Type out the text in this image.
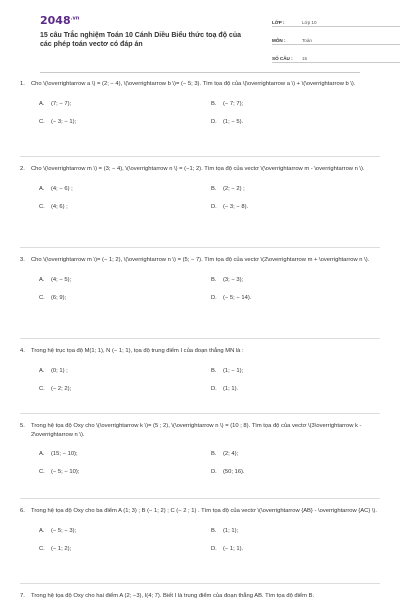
$2048^{.vn}$
15 câu Trắc nghiệm Toán 10 Cánh Diều Biểu thức toạ độ của các phép toán vectơ có đáp án
LỚP :	Lớp 10
MÔN :	Toán
SỐ CÂU :	15
1. Cho \(\overrightarrow a \) = (2; − 4), \(\overrightarrow b \)= (− 5; 3). Tìm tọa độ của \(\overrightarrow a \) + \(\overrightarrow b \).
A. (7; − 7);	B. (− 7; 7);
C. (− 3; − 1);	D. (1; − 5).
2. Cho \(\overrightarrow m \) = (3; − 4), \(\overrightarrow n \) = (−1; 2). Tìm tọa độ của vectơ \(\overrightarrow m - \overrightarrow n \).
A. (4; − 6) ;	B. (2; − 2) ;
C. (4; 6) ;	D. (− 3; − 8).
3. Cho \(\overrightarrow m \)= (− 1; 2), \(\overrightarrow n \) = (5; − 7). Tìm tọa độ của vectơ \(2\overrightarrow m + \overrightarrow n \).
A. (4; − 5);	B. (3; − 3);
C. (6; 9);	D. (− 5; − 14).
4. Trong hệ trục tọa độ M(1; 1), N (− 1; 1), tọa độ trung điểm I của đoạn thẳng MN là :
A. (0; 1) ;	B. (1; − 1);
C. (− 2; 2);	D. (1; 1).
5. Trong hệ tọa độ Oxy cho \(\overrightarrow k \)= (5 ; 2), \(\overrightarrow n \) = (10 ; 8). Tìm tọa độ của vectơ \(3\overrightarrow k - 2\overrightarrow n \).
A. (15; − 10);	B. (2; 4);
C. (− 5; − 10);	D. (50; 16).
6. Trong hệ tọa độ Oxy cho ba điểm A (1; 3) ; B (− 1; 2) ; C (− 2 ; 1) . Tìm tọa độ của vectơ \(\overrightarrow {AB} - \overrightarrow {AC} \).
A. (− 5; − 3);	B. (1; 1);
C. (− 1; 2);	D. (− 1; 1).
7. Trong hệ tọa độ Oxy cho hai điểm A (2; −3), I(4; 7). Biết I là trung điểm của đoạn thẳng AB. Tìm tọa độ điểm B.
